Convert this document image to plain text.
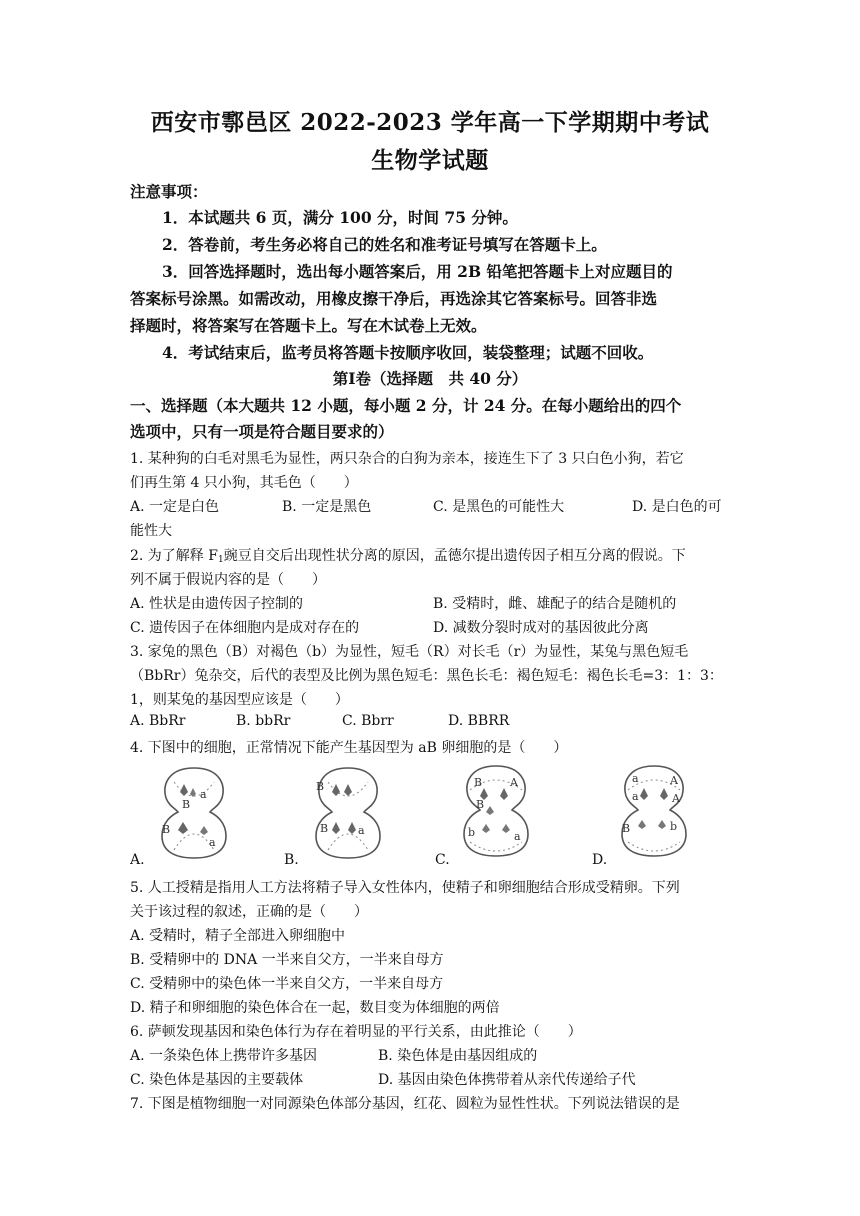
西安市鄠邑区 2022-2023 学年高一下学期期中考试
生物学试题
注意事项：
1．本试题共 6 页，满分 100 分，时间 75 分钟。
2．答卷前，考生务必将自己的姓名和准考证号填写在答题卡上。
3．回答选择题时，选出每小题答案后，用 2B 铅笔把答题卡上对应题目的
答案标号涂黑。如需改动，用橡皮擦干净后，再选涂其它答案标号。回答非选
择题时，将答案写在答题卡上。写在木试卷上无效。
4．考试结束后，监考员将答题卡按顺序收回，装袋整理；试题不回收。
第Ⅰ卷（选择题　共 40 分）
一、选择题（本大题共 12 小题，每小题 2 分，计 24 分。在每小题给出的四个
选项中，只有一项是符合题目要求的）
1. 某种狗的白毛对黑毛为显性，两只杂合的白狗为亲本，接连生下了 3 只白色小狗，若它
们再生第 4 只小狗，其毛色（　　）
A. 一定是白色	B. 一定是黑色	C. 是黑色的可能性大	D. 是白色的可
能性大
2. 为了解释 $F_1$豌豆自交后出现性状分离的原因，孟德尔提出遗传因子相互分离的假说。下
列不属于假说内容的是（　　）
A. 性状是由遗传因子控制的	B. 受精时，雌、雄配子的结合是随机的
C. 遗传因子在体细胞内是成对存在的	D. 减数分裂时成对的基因彼此分离
3. 家兔的黑色（B）对褐色（b）为显性，短毛（R）对长毛（r）为显性，某兔与黑色短毛
（BbRr）兔杂交，后代的表型及比例为黑色短毛：黑色长毛：褐色短毛：褐色长毛=3：1：3：
1，则某兔的基因型应该是（　　）
A. BbRr	B. bbRr	C. Bbrr	D. BBRR
4. 下图中的细胞，正常情况下能产生基因型为 aB 卵细胞的是（　　）
B
a
B
a
A.
B
B	a
B.
B	A
B
b	a
C.
a	A
a	A
B	b
D.
5. 人工授精是指用人工方法将精子导入女性体内，使精子和卵细胞结合形成受精卵。下列
关于该过程的叙述，正确的是（　　）
A. 受精时，精子全部进入卵细胞中
B. 受精卵中的 DNA 一半来自父方，一半来自母方
C. 受精卵中的染色体一半来自父方，一半来自母方
D. 精子和卵细胞的染色体合在一起，数目变为体细胞的两倍
6. 萨顿发现基因和染色体行为存在着明显的平行关系，由此推论（　　）
A. 一条染色体上携带许多基因	B. 染色体是由基因组成的
C. 染色体是基因的主要载体	D. 基因由染色体携带着从亲代传递给子代
7. 下图是植物细胞一对同源染色体部分基因，红花、圆粒为显性性状。下列说法错误的是
